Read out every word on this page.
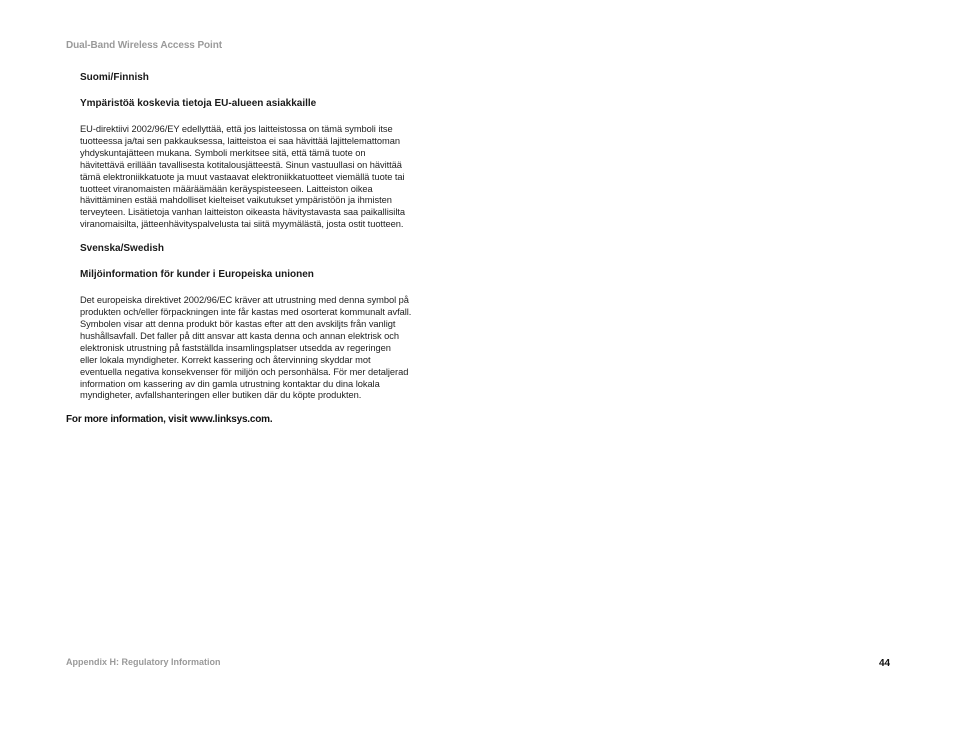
Dual-Band Wireless Access Point
Suomi/Finnish
Ympäristöä koskevia tietoja EU-alueen asiakkaille
EU-direktiivi 2002/96/EY edellyttää, että jos laitteistossa on tämä symboli itse
tuotteessa ja/tai sen pakkauksessa, laitteistoa ei saa hävittää lajittelemattoman
yhdyskuntajätteen mukana. Symboli merkitsee sitä, että tämä tuote on
hävitettävä erillään tavallisesta kotitalousjätteestä. Sinun vastuullasi on hävittää
tämä elektroniikkatuote ja muut vastaavat elektroniikkatuotteet viemällä tuote tai
tuotteet viranomaisten määräämään keräyspisteeseen. Laitteiston oikea
hävittäminen estää mahdolliset kielteiset vaikutukset ympäristöön ja ihmisten
terveyteen. Lisätietoja vanhan laitteiston oikeasta hävitystavasta saa paikallisilta
viranomaisilta, jätteenhävityspalvelusta tai siitä myymälästä, josta ostit tuotteen.
Svenska/Swedish
Miljöinformation för kunder i Europeiska unionen
Det europeiska direktivet 2002/96/EC kräver att utrustning med denna symbol på
produkten och/eller förpackningen inte får kastas med osorterat kommunalt avfall.
Symbolen visar att denna produkt bör kastas efter att den avskiljts från vanligt
hushållsavfall. Det faller på ditt ansvar att kasta denna och annan elektrisk och
elektronisk utrustning på fastställda insamlingsplatser utsedda av regeringen
eller lokala myndigheter. Korrekt kassering och återvinning skyddar mot
eventuella negativa konsekvenser för miljön och personhälsa. För mer detaljerad
information om kassering av din gamla utrustning kontaktar du dina lokala
myndigheter, avfallshanteringen eller butiken där du köpte produkten.
For more information, visit www.linksys.com.
Appendix H: Regulatory Information	44
